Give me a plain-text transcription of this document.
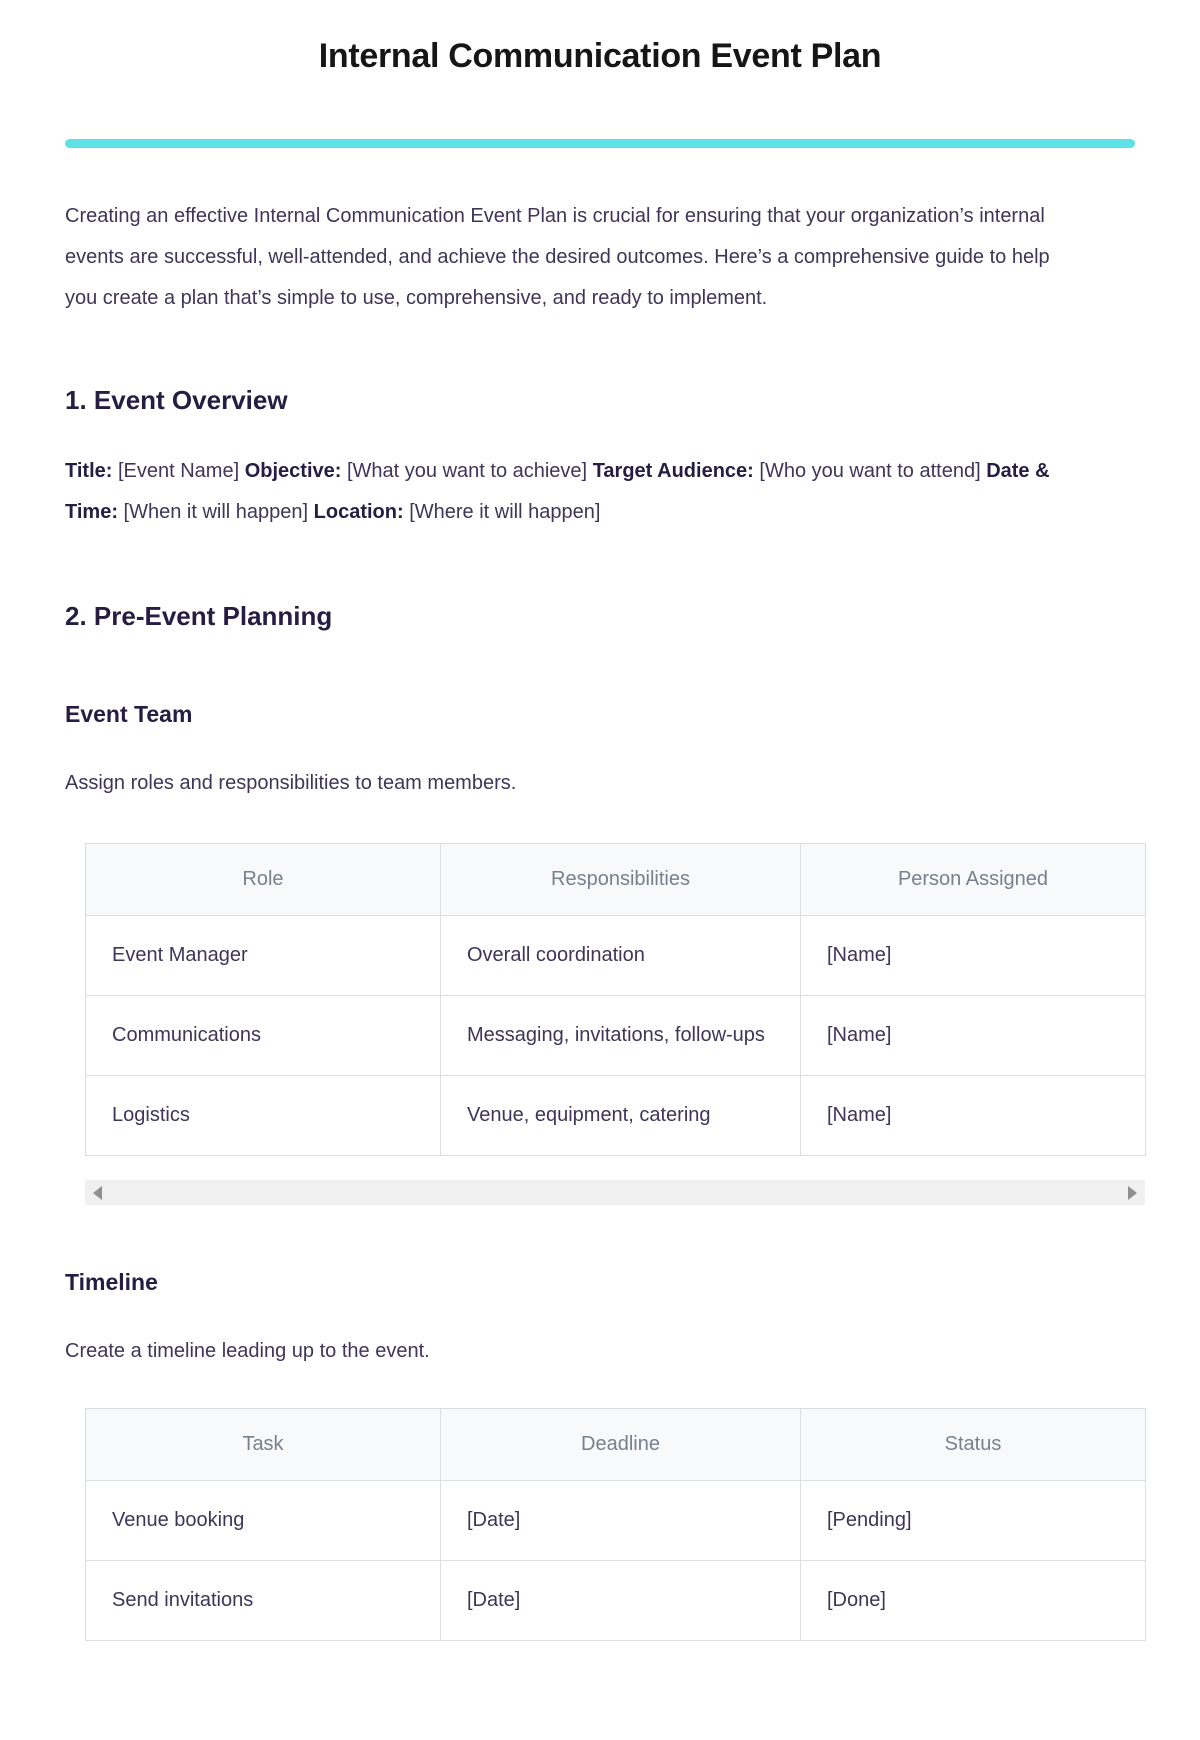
Internal Communication Event Plan

Creating an effective Internal Communication Event Plan is crucial for ensuring that your organization’s internal events are successful, well-attended, and achieve the desired outcomes. Here’s a comprehensive guide to help you create a plan that’s simple to use, comprehensive, and ready to implement.

1. Event Overview

Title: [Event Name] Objective: [What you want to achieve] Target Audience: [Who you want to attend] Date & Time: [When it will happen] Location: [Where it will happen]

2. Pre-Event Planning
Event Team

Assign roles and responsibilities to team members.

Role	Responsibilities	Person Assigned
Event Manager	Overall coordination	[Name]
Communications	Messaging, invitations, follow-ups	[Name]
Logistics	Venue, equipment, catering	[Name]
Timeline

Create a timeline leading up to the event.

Task	Deadline	Status
Venue booking	[Date]	[Pending]
Send invitations	[Date]	[Done]
